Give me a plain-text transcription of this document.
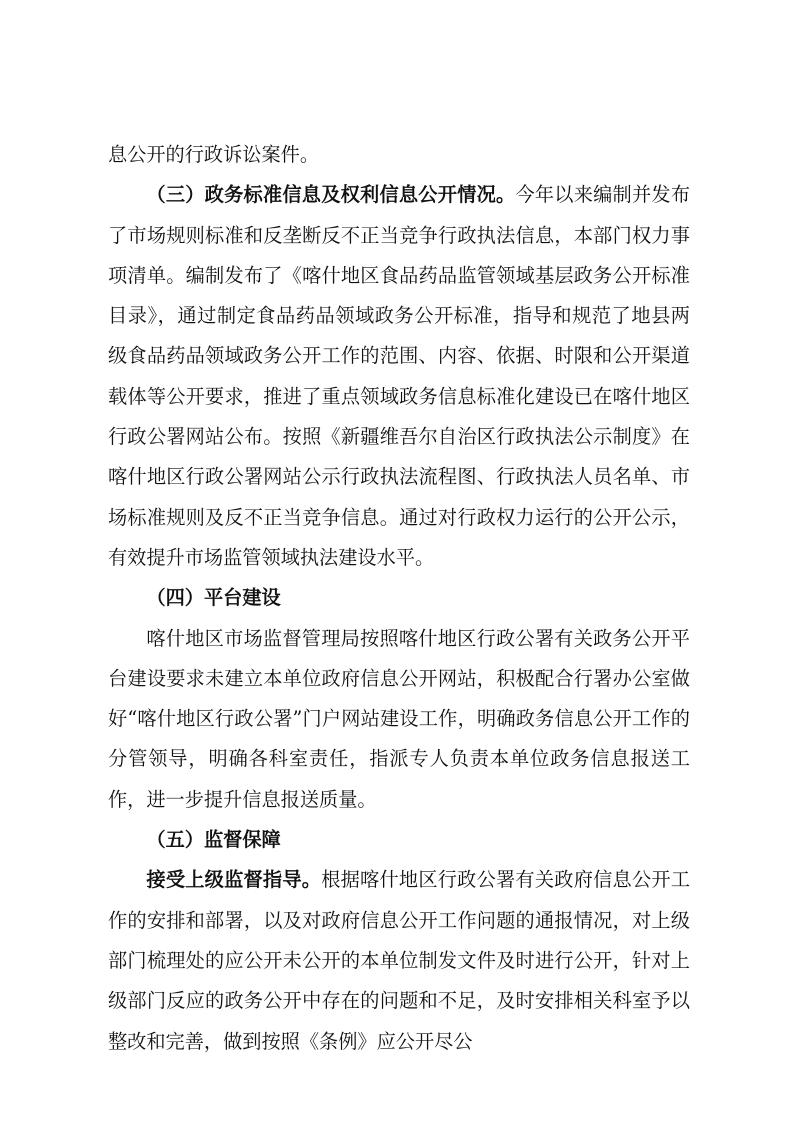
息公开的行政诉讼案件。

（三）政务标准信息及权利信息公开情况。今年以来编制并发布了市场规则标准和反垄断反不正当竞争行政执法信息，本部门权力事项清单。编制发布了《喀什地区食品药品监管领域基层政务公开标准目录》，通过制定食品药品领域政务公开标准，指导和规范了地县两级食品药品领域政务公开工作的范围、内容、依据、时限和公开渠道载体等公开要求，推进了重点领域政务信息标准化建设已在喀什地区行政公署网站公布。按照《新疆维吾尔自治区行政执法公示制度》在喀什地区行政公署网站公示行政执法流程图、行政执法人员名单、市场标准规则及反不正当竞争信息。通过对行政权力运行的公开公示，有效提升市场监管领域执法建设水平。

（四）平台建设

喀什地区市场监督管理局按照喀什地区行政公署有关政务公开平台建设要求未建立本单位政府信息公开网站，积极配合行署办公室做好“喀什地区行政公署”门户网站建设工作，明确政务信息公开工作的分管领导，明确各科室责任，指派专人负责本单位政务信息报送工作，进一步提升信息报送质量。

（五）监督保障

接受上级监督指导。根据喀什地区行政公署有关政府信息公开工作的安排和部署，以及对政府信息公开工作问题的通报情况，对上级部门梳理处的应公开未公开的本单位制发文件及时进行公开，针对上级部门反应的政务公开中存在的问题和不足，及时安排相关科室予以整改和完善，做到按照《条例》应公开尽公
